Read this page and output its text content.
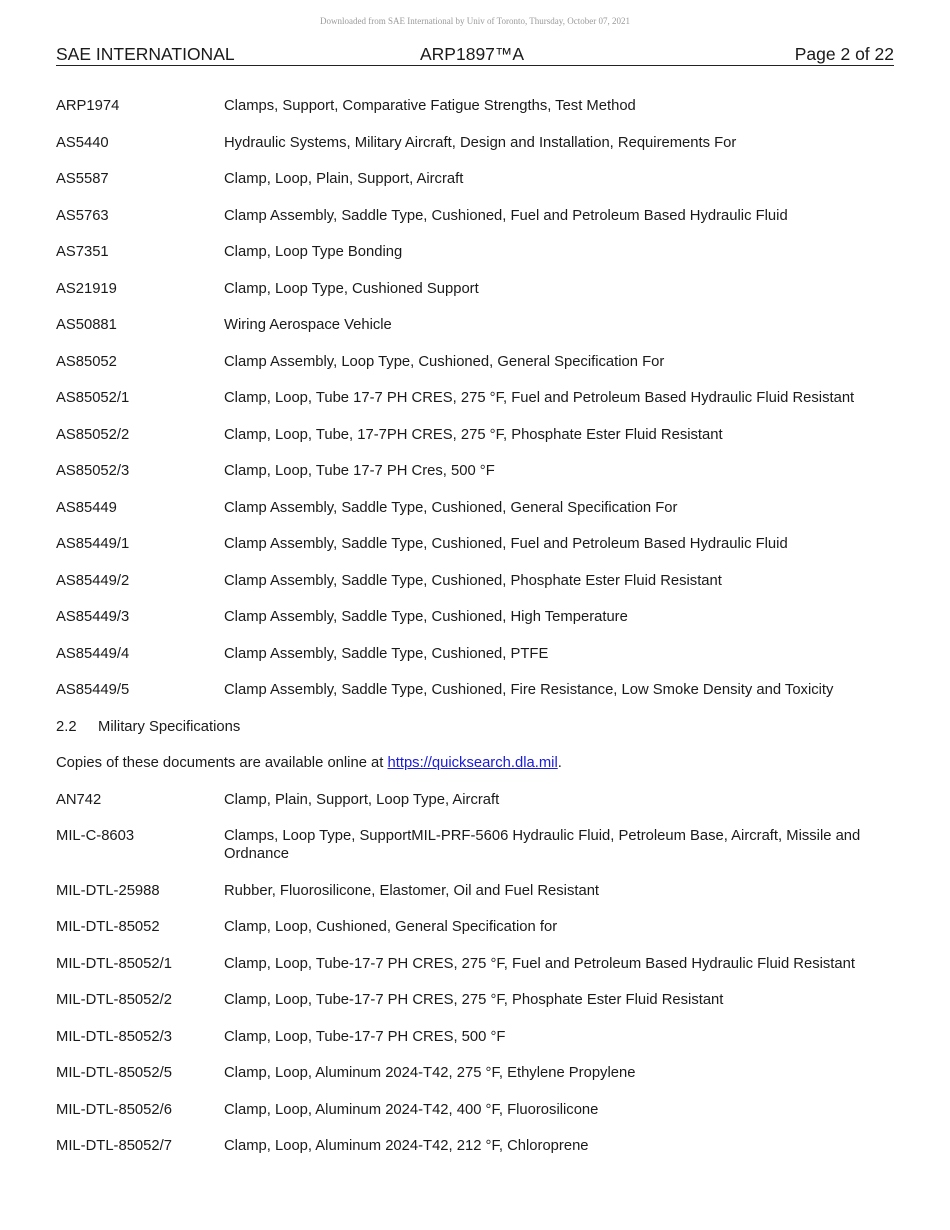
Downloaded from SAE International by Univ of Toronto, Thursday, October 07, 2021
SAE INTERNATIONAL	ARP1897™A	Page 2 of 22
ARP1974	Clamps, Support, Comparative Fatigue Strengths, Test Method
AS5440	Hydraulic Systems, Military Aircraft, Design and Installation, Requirements For
AS5587	Clamp, Loop, Plain, Support, Aircraft
AS5763	Clamp Assembly, Saddle Type, Cushioned, Fuel and Petroleum Based Hydraulic Fluid
AS7351	Clamp, Loop Type Bonding
AS21919	Clamp, Loop Type, Cushioned Support
AS50881	Wiring Aerospace Vehicle
AS85052	Clamp Assembly, Loop Type, Cushioned, General Specification For
AS85052/1	Clamp, Loop, Tube 17-7 PH CRES, 275 °F, Fuel and Petroleum Based Hydraulic Fluid Resistant
AS85052/2	Clamp, Loop, Tube, 17-7PH CRES, 275 °F, Phosphate Ester Fluid Resistant
AS85052/3	Clamp, Loop, Tube 17-7 PH Cres, 500 °F
AS85449	Clamp Assembly, Saddle Type, Cushioned, General Specification For
AS85449/1	Clamp Assembly, Saddle Type, Cushioned, Fuel and Petroleum Based Hydraulic Fluid
AS85449/2	Clamp Assembly, Saddle Type, Cushioned, Phosphate Ester Fluid Resistant
AS85449/3	Clamp Assembly, Saddle Type, Cushioned, High Temperature
AS85449/4	Clamp Assembly, Saddle Type, Cushioned, PTFE
AS85449/5	Clamp Assembly, Saddle Type, Cushioned, Fire Resistance, Low Smoke Density and Toxicity
2.2	Military Specifications
Copies of these documents are available online at https://quicksearch.dla.mil.
AN742	Clamp, Plain, Support, Loop Type, Aircraft
MIL-C-8603	Clamps, Loop Type, SupportMIL-PRF-5606 Hydraulic Fluid, Petroleum Base, Aircraft, Missile and Ordnance
MIL-DTL-25988	Rubber, Fluorosilicone, Elastomer, Oil and Fuel Resistant
MIL-DTL-85052	Clamp, Loop, Cushioned, General Specification for
MIL-DTL-85052/1	Clamp, Loop, Tube-17-7 PH CRES, 275 °F, Fuel and Petroleum Based Hydraulic Fluid Resistant
MIL-DTL-85052/2	Clamp, Loop, Tube-17-7 PH CRES, 275 °F, Phosphate Ester Fluid Resistant
MIL-DTL-85052/3	Clamp, Loop, Tube-17-7 PH CRES, 500 °F
MIL-DTL-85052/5	Clamp, Loop, Aluminum 2024-T42, 275 °F, Ethylene Propylene
MIL-DTL-85052/6	Clamp, Loop, Aluminum 2024-T42, 400 °F, Fluorosilicone
MIL-DTL-85052/7	Clamp, Loop, Aluminum 2024-T42, 212 °F, Chloroprene
